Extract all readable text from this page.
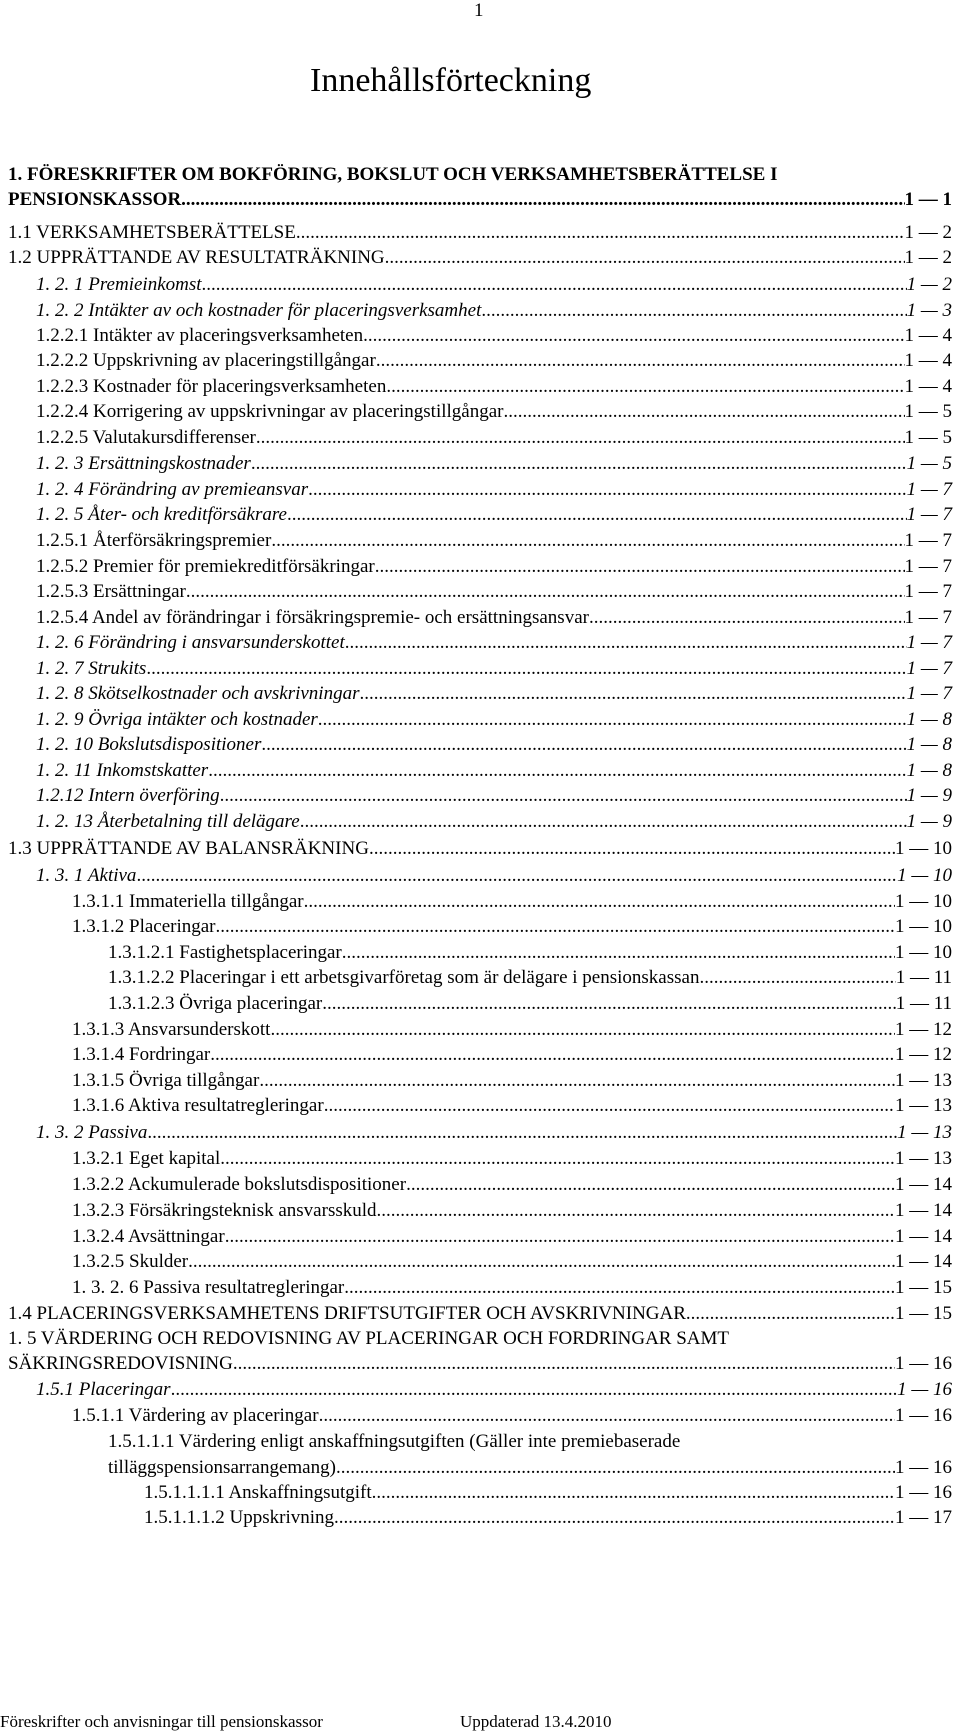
1
Innehållsförteckning
1. FÖRESKRIFTER OM BOKFÖRING, BOKSLUT OCH VERKSAMHETSBERÄTTELSE I
PENSIONSKASSOR. .....	1 — 1
1.1 VERKSAMHETSBERÄTTELSE .....	1 — 2
1.2 UPPRÄTTANDE AV RESULTATRÄKNING .....	1 — 2
1. 2. 1 Premieinkomst .....	1 — 2
1. 2. 2 Intäkter av och kostnader för placeringsverksamhet .....	1 — 3
1.2.2.1 Intäkter av placeringsverksamheten .....	1 — 4
1.2.2.2 Uppskrivning av placeringstillgångar .....	1 — 4
1.2.2.3 Kostnader för placeringsverksamheten .....	1 — 4
1.2.2.4 Korrigering av uppskrivningar av placeringstillgångar .....	1 — 5
1.2.2.5 Valutakursdifferenser .....	1 — 5
1. 2. 3 Ersättningskostnader .....	1 — 5
1. 2. 4 Förändring av premieansvar .....	1 — 7
1. 2. 5 Åter- och kreditförsäkrare .....	1 — 7
1.2.5.1 Återförsäkringspremier .....	1 — 7
1.2.5.2 Premier för premiekreditförsäkringar .....	1 — 7
1.2.5.3 Ersättningar .....	1 — 7
1.2.5.4 Andel av förändringar i försäkringspremie- och ersättningsansvar .....	1 — 7
1. 2. 6 Förändring i ansvarsunderskottet .....	1 — 7
1. 2. 7 Strukits .....	1 — 7
1. 2. 8 Skötselkostnader och avskrivningar .....	1 — 7
1. 2. 9 Övriga intäkter och kostnader .....	1 — 8
1. 2. 10 Bokslutsdispositioner .....	1 — 8
1. 2. 11 Inkomstskatter .....	1 — 8
1.2.12 Intern överföring .....	1 — 9
1. 2. 13 Återbetalning till delägare .....	1 — 9
1.3 UPPRÄTTANDE AV BALANSRÄKNING .....	1 — 10
1. 3. 1 Aktiva .....	1 — 10
1.3.1.1 Immateriella tillgångar .....	1 — 10
1.3.1.2 Placeringar .....	1 — 10
1.3.1.2.1 Fastighetsplaceringar .....	1 — 10
1.3.1.2.2 Placeringar i ett arbetsgivarföretag som är delägare i pensionskassan .....	1 — 11
1.3.1.2.3 Övriga placeringar .....	1 — 11
1.3.1.3 Ansvarsunderskott .....	1 — 12
1.3.1.4 Fordringar .....	1 — 12
1.3.1.5 Övriga tillgångar .....	1 — 13
1.3.1.6 Aktiva resultatregleringar .....	1 — 13
1. 3. 2 Passiva .....	1 — 13
1.3.2.1 Eget kapital .....	1 — 13
1.3.2.2 Ackumulerade bokslutsdispositioner .....	1 — 14
1.3.2.3 Försäkringsteknisk ansvarsskuld .....	1 — 14
1.3.2.4 Avsättningar .....	1 — 14
1.3.2.5 Skulder .....	1 — 14
1. 3. 2. 6 Passiva resultatregleringar .....	1 — 15
1.4 PLACERINGSVERKSAMHETENS DRIFTSUTGIFTER OCH AVSKRIVNINGAR .....	1 — 15
1. 5 VÄRDERING OCH REDOVISNING AV PLACERINGAR OCH FORDRINGAR SAMT
SÄKRINGSREDOVISNING .....	1 — 16
1.5.1 Placeringar .....	1 — 16
1.5.1.1 Värdering av placeringar .....	1 — 16
1.5.1.1.1 Värdering enligt anskaffningsutgiften (Gäller inte premiebaserade
tilläggspensionsarrangemang) .....	1 — 16
1.5.1.1.1.1 Anskaffningsutgift .....	1 — 16
1.5.1.1.1.2 Uppskrivning .....	1 — 17
Föreskrifter och anvisningar till pensionskassor	Uppdaterad 13.4.2010
